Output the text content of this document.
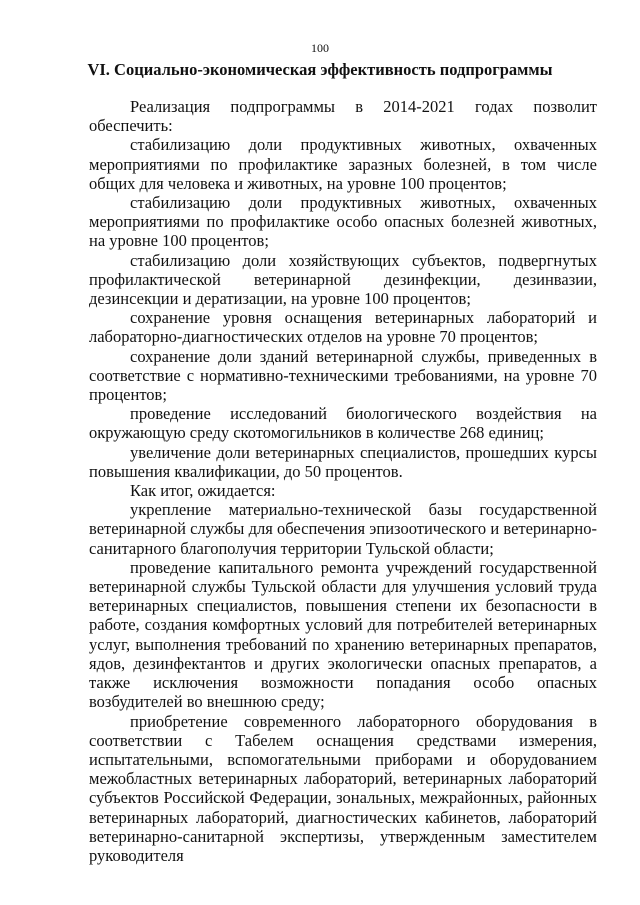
100
VI. Социально-экономическая эффективность подпрограммы

Реализация подпрограммы в 2014-2021 годах позволит обеспечить:

стабилизацию доли продуктивных животных, охваченных мероприятиями по профилактике заразных болезней, в том числе общих для человека и животных, на уровне 100 процентов;

стабилизацию доли продуктивных животных, охваченных мероприятиями по профилактике особо опасных болезней животных, на уровне 100 процентов;

стабилизацию доли хозяйствующих субъектов, подвергнутых профилактической ветеринарной дезинфекции, дезинвазии, дезинсекции и дератизации, на уровне 100 процентов;

сохранение уровня оснащения ветеринарных лабораторий и лабораторно-диагностических отделов на уровне 70 процентов;

сохранение доли зданий ветеринарной службы, приведенных в соответствие с нормативно-техническими требованиями, на уровне 70 процентов;

проведение исследований биологического воздействия на окружающую среду скотомогильников в количестве 268 единиц;

увеличение доли ветеринарных специалистов, прошедших курсы повышения квалификации, до 50 процентов.

Как итог, ожидается:

укрепление материально-технической базы государственной ветеринарной службы для обеспечения эпизоотического и ветеринарно-санитарного благополучия территории Тульской области;

проведение капитального ремонта учреждений государственной ветеринарной службы Тульской области для улучшения условий труда ветеринарных специалистов, повышения степени их безопасности в работе, создания комфортных условий для потребителей ветеринарных услуг, выполнения требований по хранению ветеринарных препаратов, ядов, дезинфектантов и других экологически опасных препаратов, а также исключения возможности попадания особо опасных возбудителей во внешнюю среду;

приобретение современного лабораторного оборудования в соответствии с Табелем оснащения средствами измерения, испытательными, вспомогательными приборами и оборудованием межобластных ветеринарных лабораторий, ветеринарных лабораторий субъектов Российской Федерации, зональных, межрайонных, районных ветеринарных лабораторий, диагностических кабинетов, лабораторий ветеринарно-санитарной экспертизы, утвержденным заместителем руководителя
